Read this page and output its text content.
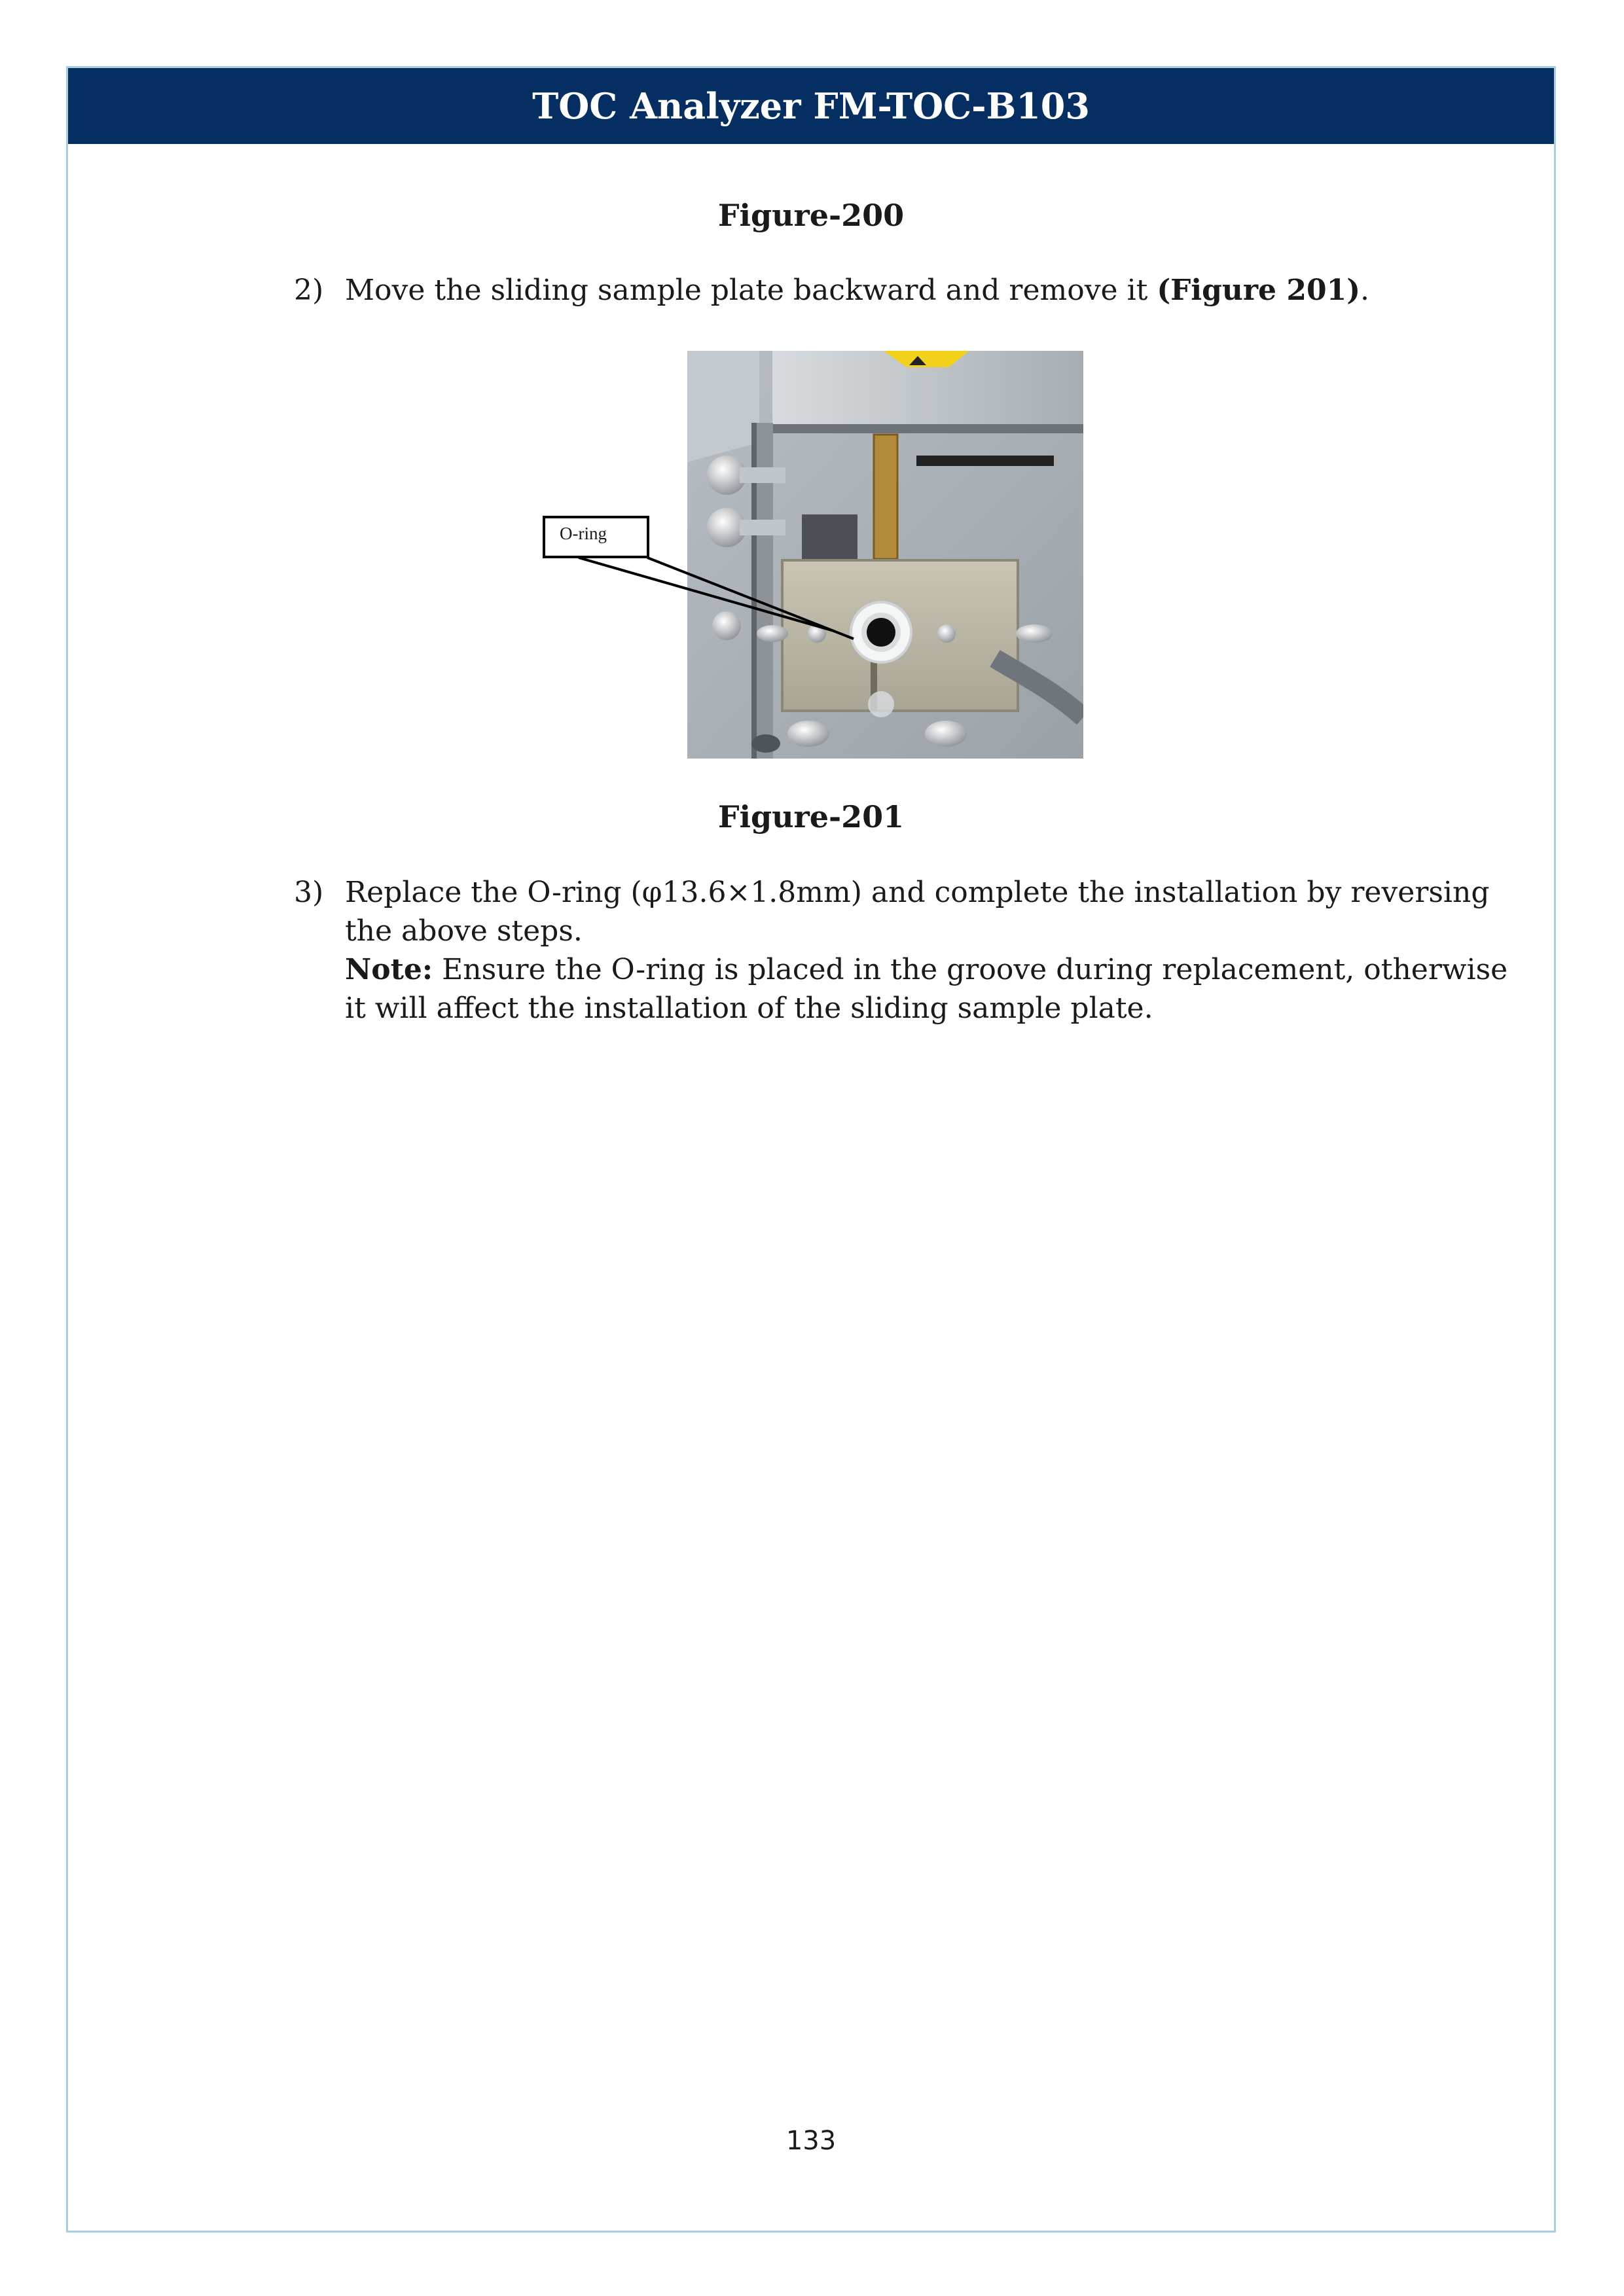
TOC Analyzer FM-TOC-B103
Figure-200
2) Move the sliding sample plate backward and remove it (Figure 201).
O-ring
Figure-201
3) Replace the O-ring (φ13.6×1.8mm) and complete the installation by reversing the above steps.
Note: Ensure the O-ring is placed in the groove during replacement, otherwise it will affect the installation of the sliding sample plate.
133
